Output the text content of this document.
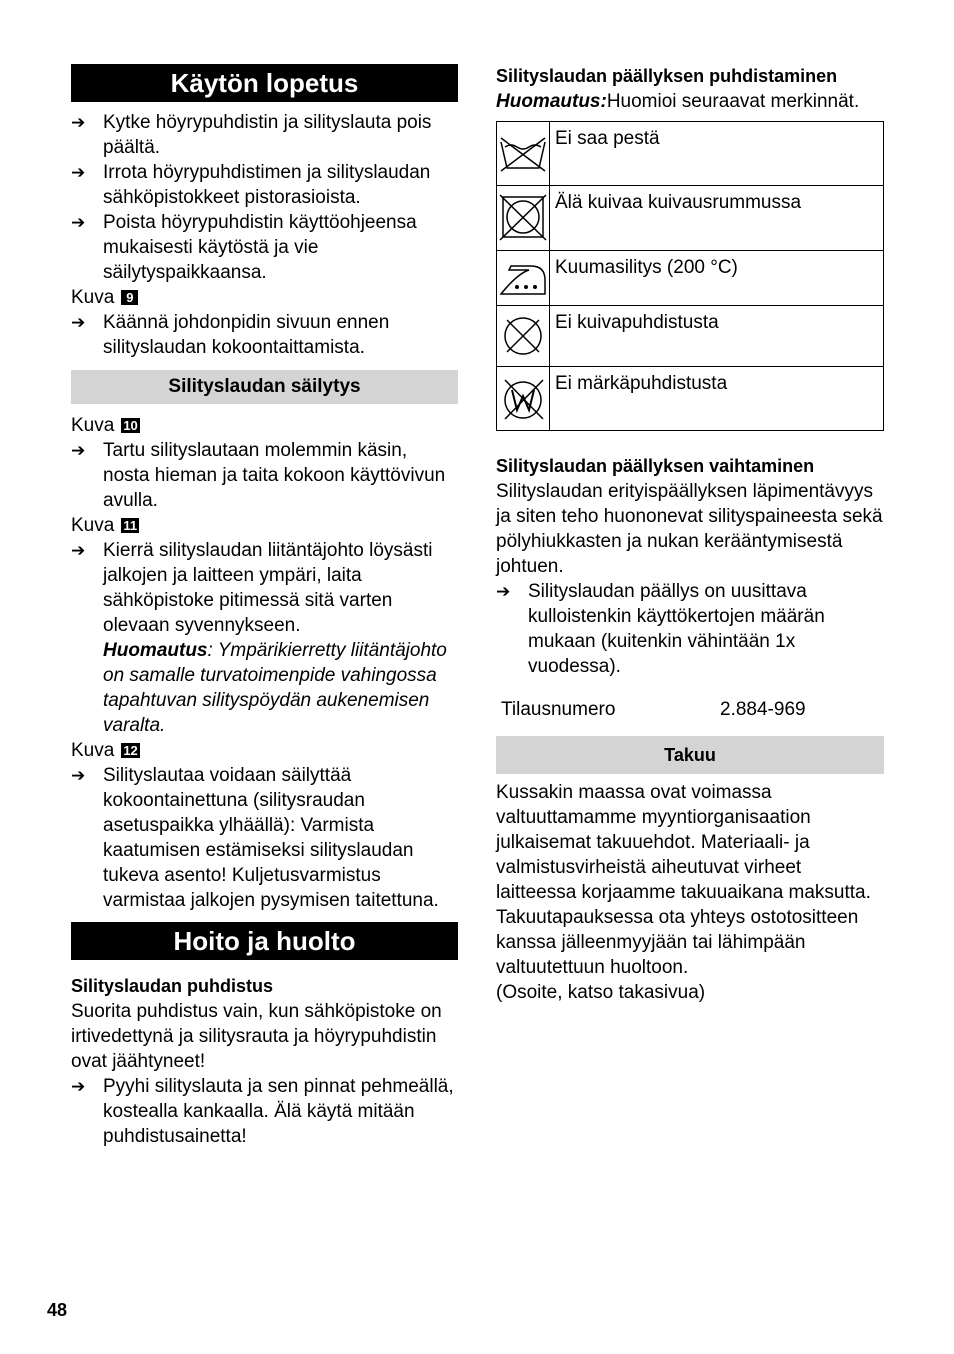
Käytön lopetus
➔ Kytke höyrypuhdistin ja silityslauta pois päältä.
➔ Irrota höyrypuhdistimen ja silityslaudan sähköpistokkeet pistorasioista.
➔ Poista höyrypuhdistin käyttöohjeensa mukaisesti käytöstä ja vie säilytyspaikkaansa.
Kuva 9
➔ Käännä johdonpidin sivuun ennen silityslaudan kokoontaittamista.
Silityslaudan säilytys
Kuva 10
➔ Tartu silityslautaan molemmin käsin, nosta hieman ja taita kokoon käyttövivun avulla.
Kuva 11
➔ Kierrä silityslaudan liitäntäjohto löysästi jalkojen ja laitteen ympäri, laita sähköpistoke pitimessä sitä varten olevaan syvennykseen.

Huomautus: Ympärikierretty liitäntäjohto on samalle turvatoimenpide vahingossa tapahtuvan silityspöydän aukenemisen varalta.

Kuva 12
➔ Silityslautaa voidaan säilyttää kokoontainettuna (silitysraudan asetuspaikka ylhäällä): Varmista kaatumisen estämiseksi silityslaudan tukeva asento! Kuljetusvarmistus varmistaa jalkojen pysymisen taitettuna.
Hoito ja huolto
Silityslaudan puhdistus

Suorita puhdistus vain, kun sähköpistoke on irtivedettynä ja silitysrauta ja höyrypuhdistin ovat jäähtyneet!

➔ Pyyhi silityslauta ja sen pinnat pehmeällä, kostealla kankaalla. Älä käytä mitään puhdistusainetta!
Silityslaudan päällyksen puhdistaminen

Huomautus:Huomioi seuraavat merkinnät.

	Ei saa pestä

	Älä kuivaa kuivausrummussa

	Kuumasilitys (200 °C)

	Ei kuivapuhdistusta

	Ei märkäpuhdistusta
Silityslaudan päällyksen vaihtaminen

Silityslaudan erityispäällyksen läpimentävyys ja siten teho huononevat silityspaineesta sekä pölyhiukkasten ja nukan kerääntymisestä johtuen.

➔ Silityslaudan päällys on uusittava kulloistenkin käyttökertojen määrän mukaan (kuitenkin vähintään 1x vuodessa).
Tilausnumero	2.884-969
Takuu

Kussakin maassa ovat voimassa valtuuttamamme myyntiorganisaation julkaisemat takuuehdot. Materiaali- ja valmistusvirheistä aiheutuvat virheet laitteessa korjaamme takuuaikana maksutta. Takuutapauksessa ota yhteys ostotositteen kanssa jälleenmyyjään tai lähimpään valtuutettuun huoltoon.

(Osoite, katso takasivua)

48
